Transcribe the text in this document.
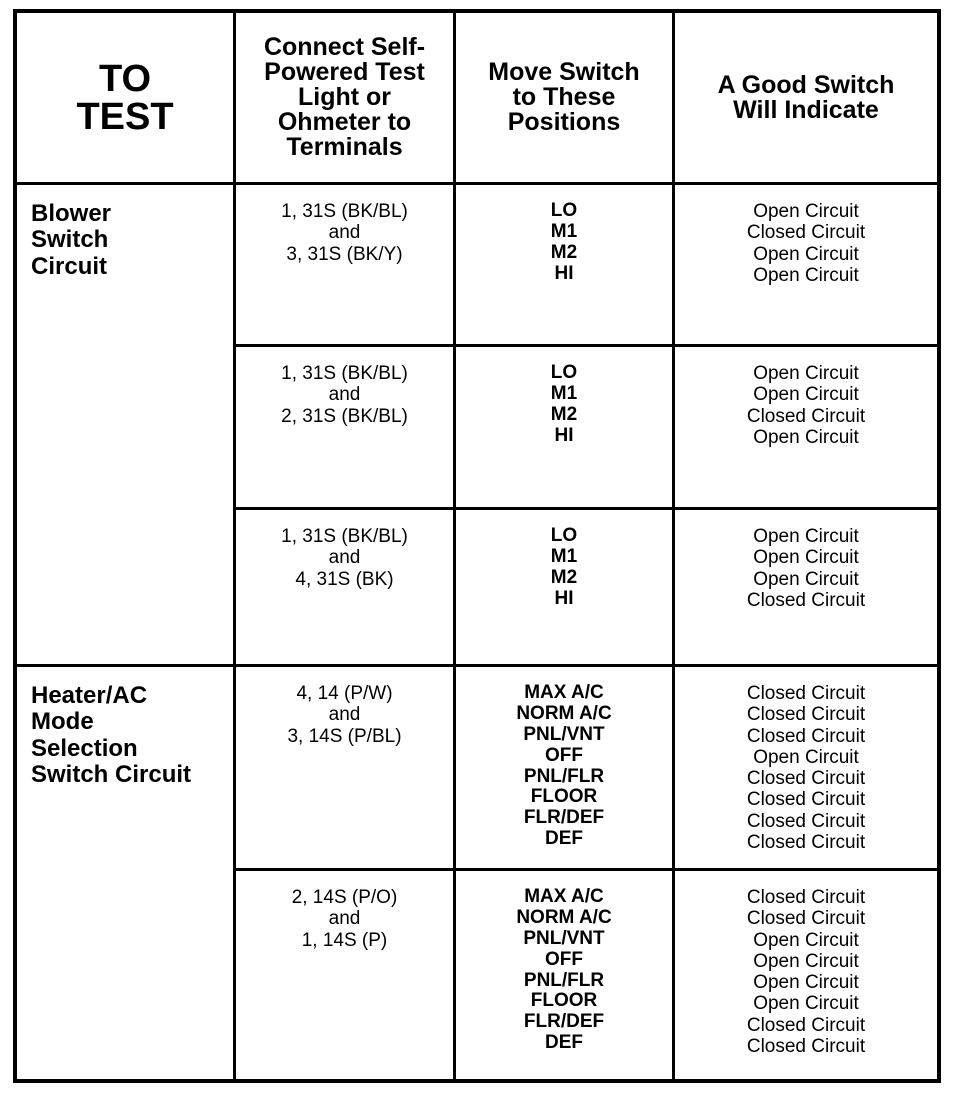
TO
TEST
Connect Self-
Powered Test
Light or
Ohmeter to
Terminals
Move Switch
to These
Positions
A Good Switch
Will Indicate
Blower
Switch
Circuit
1, 31S (BK/BL)
and
3, 31S (BK/Y)
LO
M1
M2
HI
Open Circuit
Closed Circuit
Open Circuit
Open Circuit
1, 31S (BK/BL)
and
2, 31S (BK/BL)
LO
M1
M2
HI
Open Circuit
Open Circuit
Closed Circuit
Open Circuit
1, 31S (BK/BL)
and
4, 31S (BK)
LO
M1
M2
HI
Open Circuit
Open Circuit
Open Circuit
Closed Circuit
Heater/AC
Mode
Selection
Switch Circuit
4, 14 (P/W)
and
3, 14S (P/BL)
MAX A/C
NORM A/C
PNL/VNT
OFF
PNL/FLR
FLOOR
FLR/DEF
DEF
Closed Circuit
Closed Circuit
Closed Circuit
Open Circuit
Closed Circuit
Closed Circuit
Closed Circuit
Closed Circuit
2, 14S (P/O)
and
1, 14S (P)
MAX A/C
NORM A/C
PNL/VNT
OFF
PNL/FLR
FLOOR
FLR/DEF
DEF
Closed Circuit
Closed Circuit
Open Circuit
Open Circuit
Open Circuit
Open Circuit
Closed Circuit
Closed Circuit
